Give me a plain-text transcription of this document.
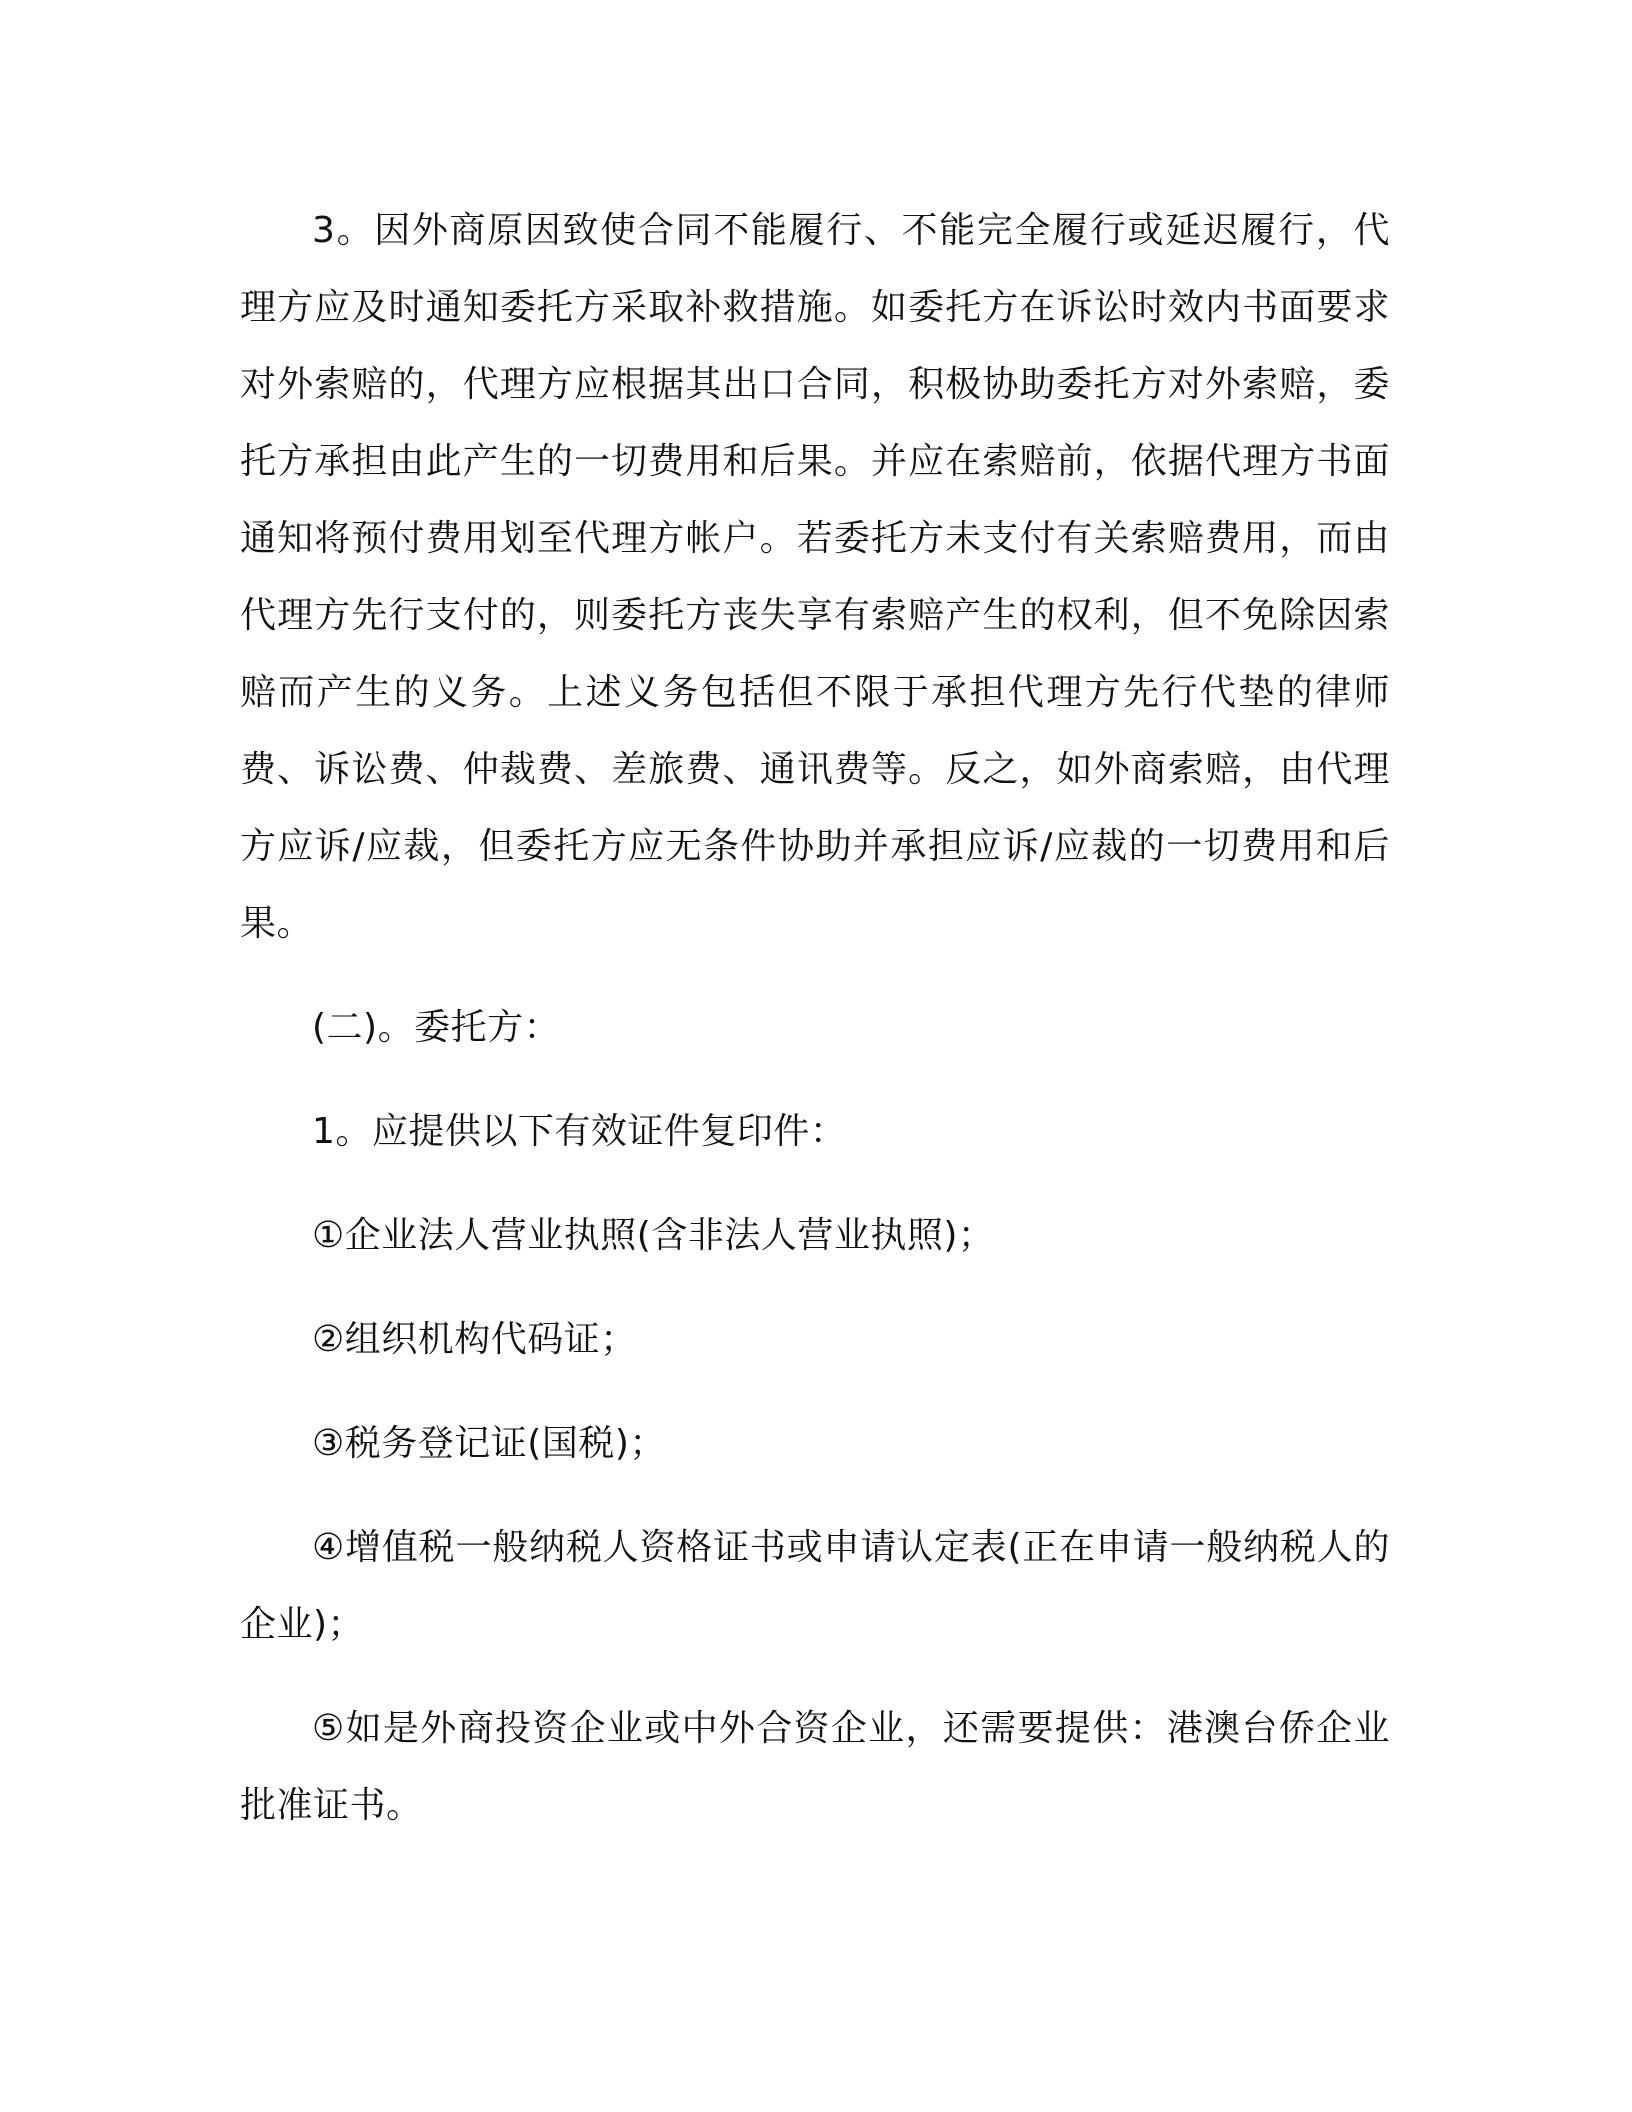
3。因外商原因致使合同不能履行、不能完全履行或延迟履行，代理方应及时通知委托方采取补救措施。如委托方在诉讼时效内书面要求对外索赔的，代理方应根据其出口合同，积极协助委托方对外索赔，委托方承担由此产生的一切费用和后果。并应在索赔前，依据代理方书面通知将预付费用划至代理方帐户。若委托方未支付有关索赔费用，而由代理方先行支付的，则委托方丧失享有索赔产生的权利，但不免除因索赔而产生的义务。上述义务包括但不限于承担代理方先行代垫的律师费、诉讼费、仲裁费、差旅费、通讯费等。反之，如外商索赔，由代理方应诉/应裁，但委托方应无条件协助并承担应诉/应裁的一切费用和后果。

(二)。委托方：

1。应提供以下有效证件复印件：

①企业法人营业执照(含非法人营业执照)；

②组织机构代码证；

③税务登记证(国税)；

④增值税一般纳税人资格证书或申请认定表(正在申请一般纳税人的企业)；

⑤如是外商投资企业或中外合资企业，还需要提供：港澳台侨企业批准证书。
